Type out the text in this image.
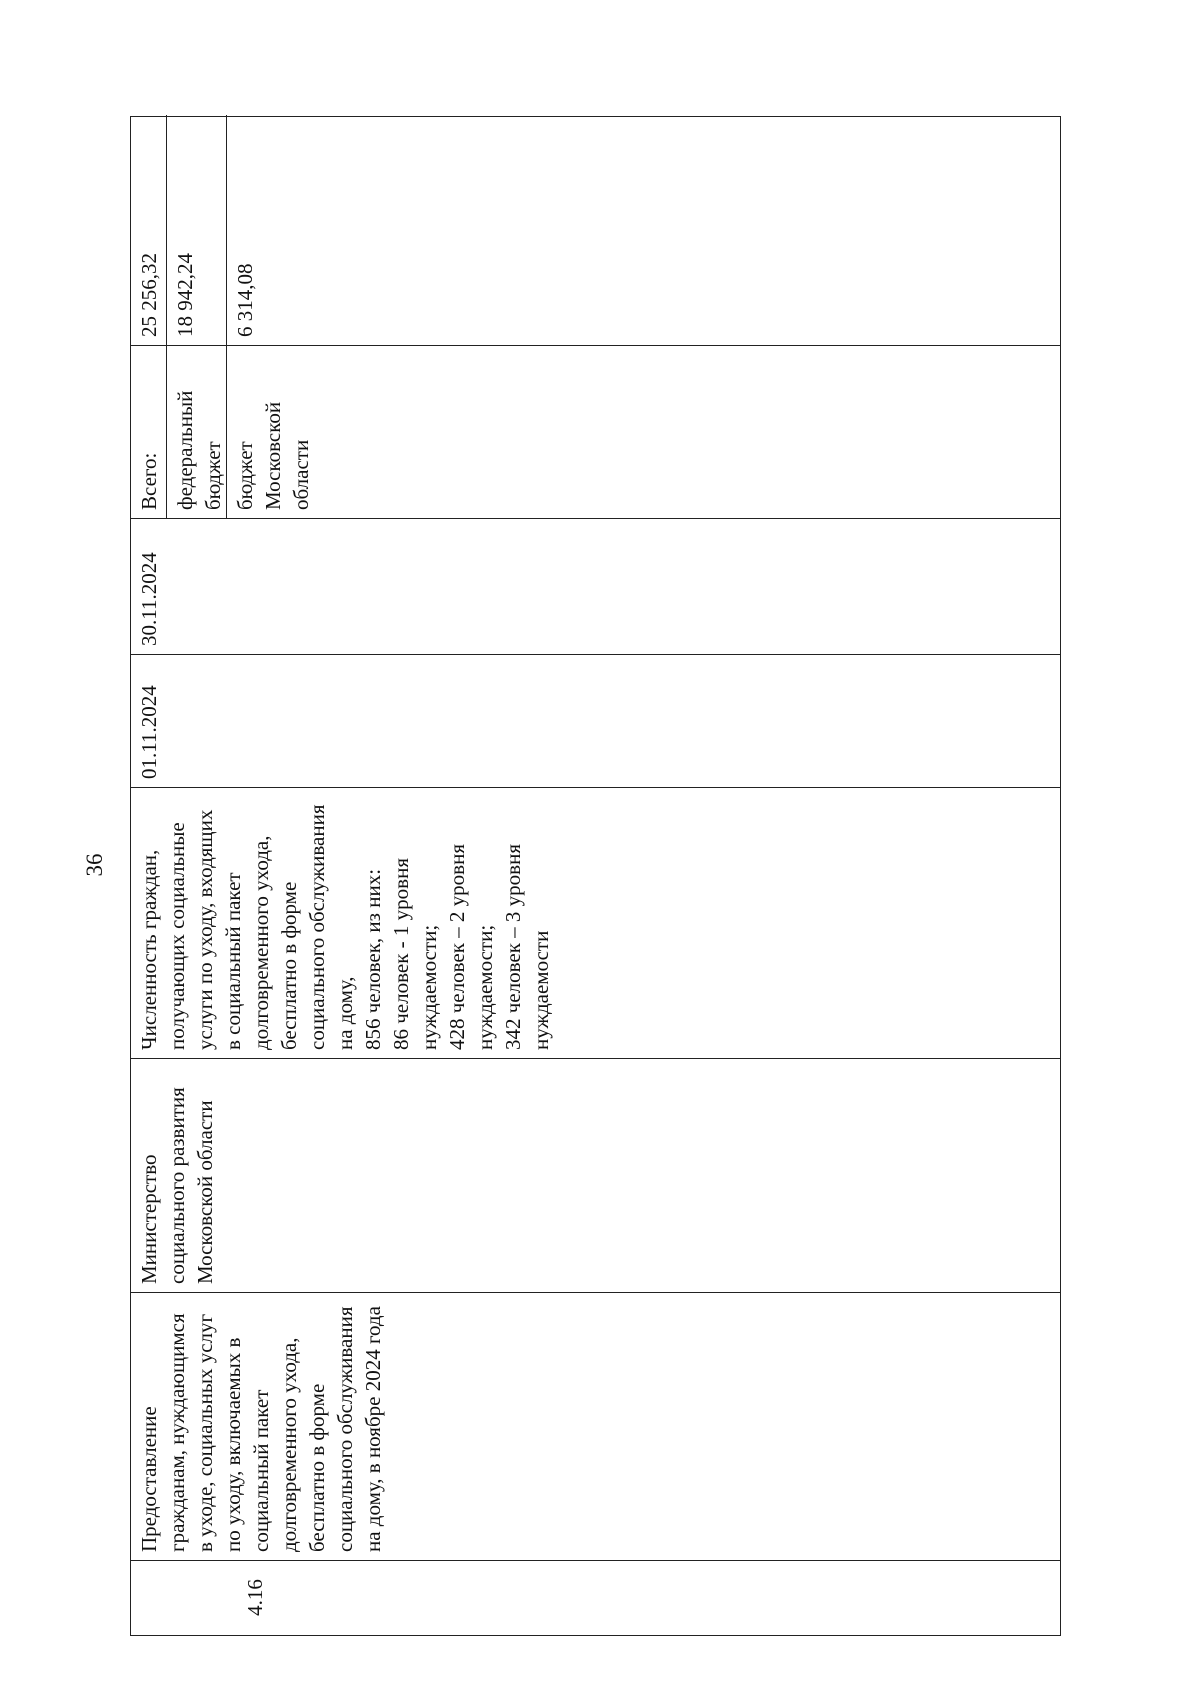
36
4.16
Предоставление гражданам, нуждающимся в уходе, социальных услуг по уходу, включаемых в социальный пакет долговременного ухода, бесплатно в форме социального обслуживания на дому, в ноябре 2024 года
Министерство социального развития Московской области
Численность граждан, получающих социальные услуги по уходу, входящих в социальный пакет долговременного ухода, бесплатно в форме социального обслуживания на дому, 856 человек, из них: 86 человек - 1 уровня нуждаемости; 428 человек – 2 уровня нуждаемости; 342 человек – 3 уровня нуждаемости
01.11.2024
30.11.2024
Всего: федеральный бюджет бюджет Московской области
25 256,32 18 942,24	6 314,08
